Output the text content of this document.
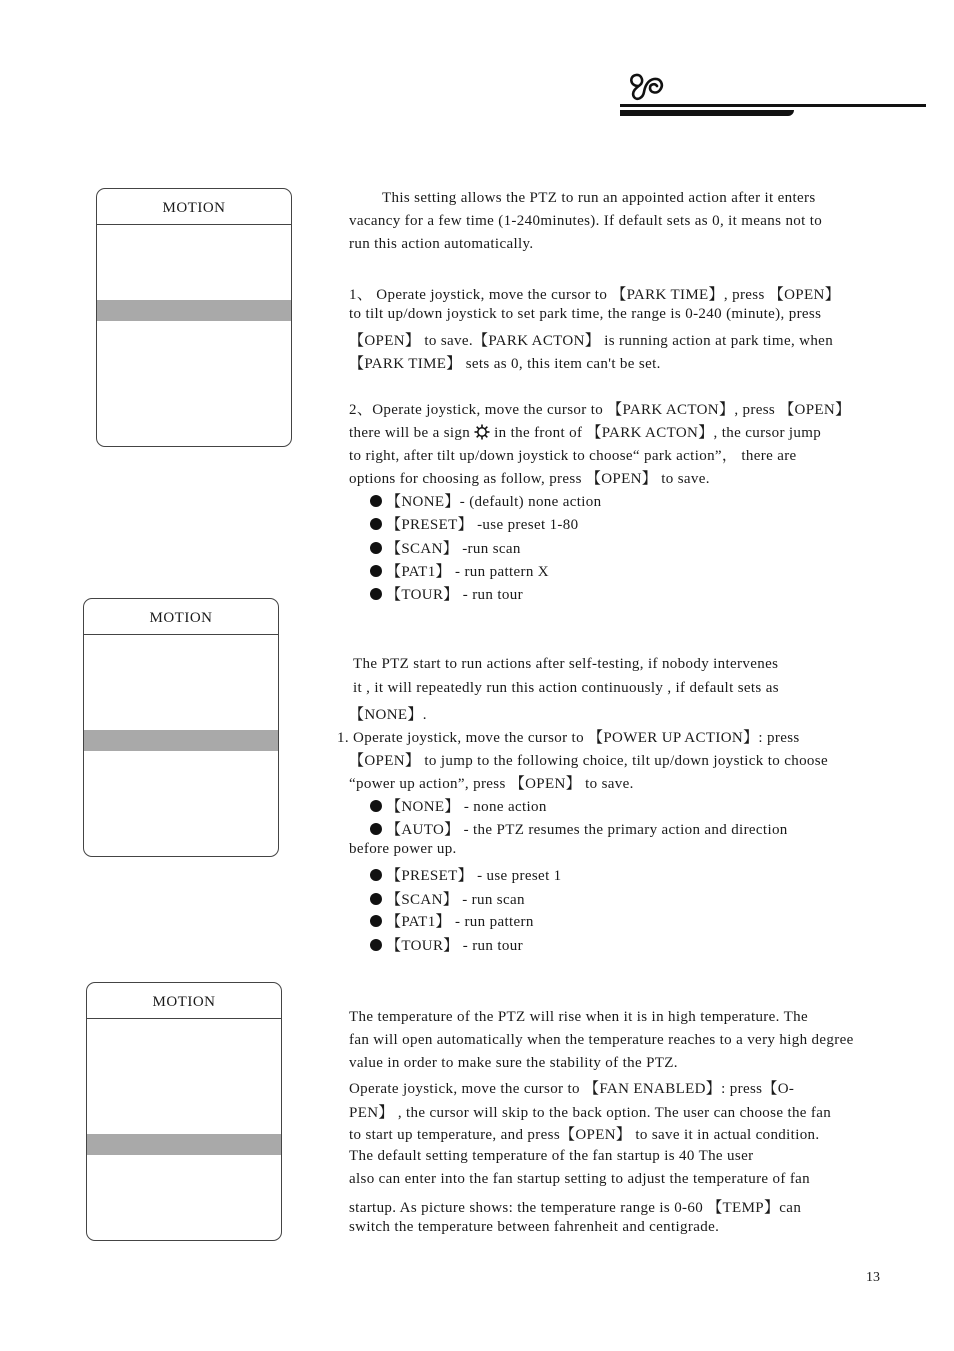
MOTION
MOTION
MOTION
This setting allows the PTZ to run an appointed action after it enters
vacancy for a few time (1-240minutes). If default sets as 0, it means not to
run this action automatically.
1、 Operate joystick, move the cursor to 【PARK TIME】, press 【OPEN】
to tilt up/down joystick to set park time, the range is 0-240 (minute), press
【OPEN】 to save.【PARK ACTON】 is running action at park time, when
【PARK TIME】 sets as 0, this item can't be set.
2、Operate joystick, move the cursor to 【PARK ACTON】, press 【OPEN】
there will be a sign in the front of 【PARK ACTON】, the cursor jump
to right, after tilt up/down joystick to choose“ park action”， there are
options for choosing as follow, press 【OPEN】 to save.
【NONE】- (default) none action
【PRESET】 -use preset 1-80
【SCAN】 -run scan
【PAT1】 - run pattern X
【TOUR】 - run tour
The PTZ start to run actions after self-testing, if nobody intervenes
it , it will repeatedly run this action continuously , if default sets as
【NONE】.
1. Operate joystick, move the cursor to 【POWER UP ACTION】: press
【OPEN】 to jump to the following choice, tilt up/down joystick to choose
“power up action”, press 【OPEN】 to save.
【NONE】 - none action
【AUTO】 - the PTZ resumes the primary action and direction
before power up.
【PRESET】 - use preset 1
【SCAN】 - run scan
【PAT1】 - run pattern
【TOUR】 - run tour
The temperature of the PTZ will rise when it is in high temperature. The
fan will open automatically when the temperature reaches to a very high degree
value in order to make sure the stability of the PTZ.
Operate joystick, move the cursor to 【FAN ENABLED】: press【O-
PEN】 , the cursor will skip to the back option. The user can choose the fan
to start up temperature, and press【OPEN】 to save it in actual condition.
The default setting temperature of the fan startup is 40 The user
also can enter into the fan startup setting to adjust the temperature of fan
startup. As picture shows: the temperature range is 0-60 【TEMP】can
switch the temperature between fahrenheit and centigrade.
13
